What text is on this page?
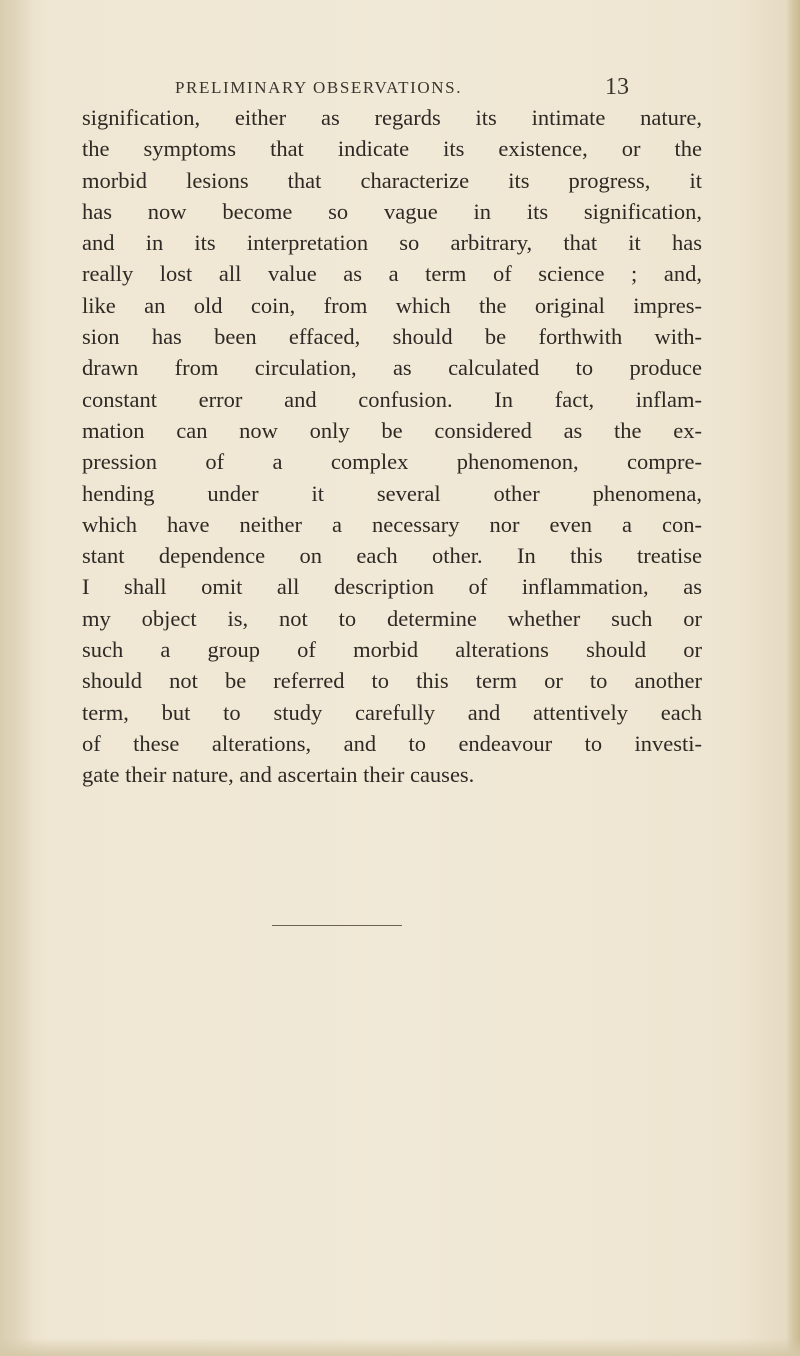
PRELIMINARY OBSERVATIONS.	13
signification, either as regards its intimate nature,
the symptoms that indicate its existence, or the
morbid lesions that characterize its progress, it
has now become so vague in its signification,
and in its interpretation so arbitrary, that it has
really lost all value as a term of science ; and,
like an old coin, from which the original impres-
sion has been effaced, should be forthwith with-
drawn from circulation, as calculated to produce
constant error and confusion. In fact, inflam-
mation can now only be considered as the ex-
pression of a complex phenomenon, compre-
hending under it several other phenomena,
which have neither a necessary nor even a con-
stant dependence on each other. In this treatise
I shall omit all description of inflammation, as
my object is, not to determine whether such or
such a group of morbid alterations should or
should not be referred to this term or to another
term, but to study carefully and attentively each
of these alterations, and to endeavour to investi-
gate their nature, and ascertain their causes.
